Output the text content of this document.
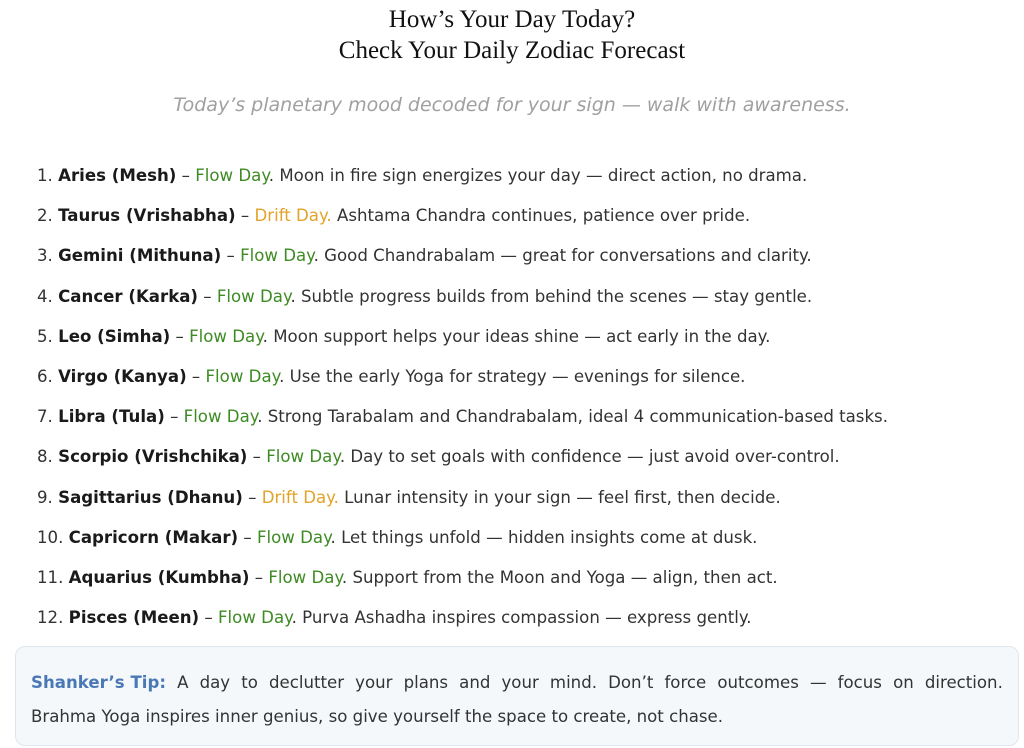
How’s Your Day Today?
Check Your Daily Zodiac Forecast
Today’s planetary mood decoded for your sign — walk with awareness.
1. Aries (Mesh) – Flow Day. Moon in fire sign energizes your day — direct action, no drama.
2. Taurus (Vrishabha) – Drift Day. Ashtama Chandra continues, patience over pride.
3. Gemini (Mithuna) – Flow Day. Good Chandrabalam — great for conversations and clarity.
4. Cancer (Karka) – Flow Day. Subtle progress builds from behind the scenes — stay gentle.
5. Leo (Simha) – Flow Day. Moon support helps your ideas shine — act early in the day.
6. Virgo (Kanya) – Flow Day. Use the early Yoga for strategy — evenings for silence.
7. Libra (Tula) – Flow Day. Strong Tarabalam and Chandrabalam, ideal 4 communication-based tasks.
8. Scorpio (Vrishchika) – Flow Day. Day to set goals with confidence — just avoid over-control.
9. Sagittarius (Dhanu) – Drift Day. Lunar intensity in your sign — feel first, then decide.
10. Capricorn (Makar) – Flow Day. Let things unfold — hidden insights come at dusk.
11. Aquarius (Kumbha) – Flow Day. Support from the Moon and Yoga — align, then act.
12. Pisces (Meen) – Flow Day. Purva Ashadha inspires compassion — express gently.
Shanker’s Tip: A day to declutter your plans and your mind. Don’t force outcomes — focus on direction.
Brahma Yoga inspires inner genius, so give yourself the space to create, not chase.
